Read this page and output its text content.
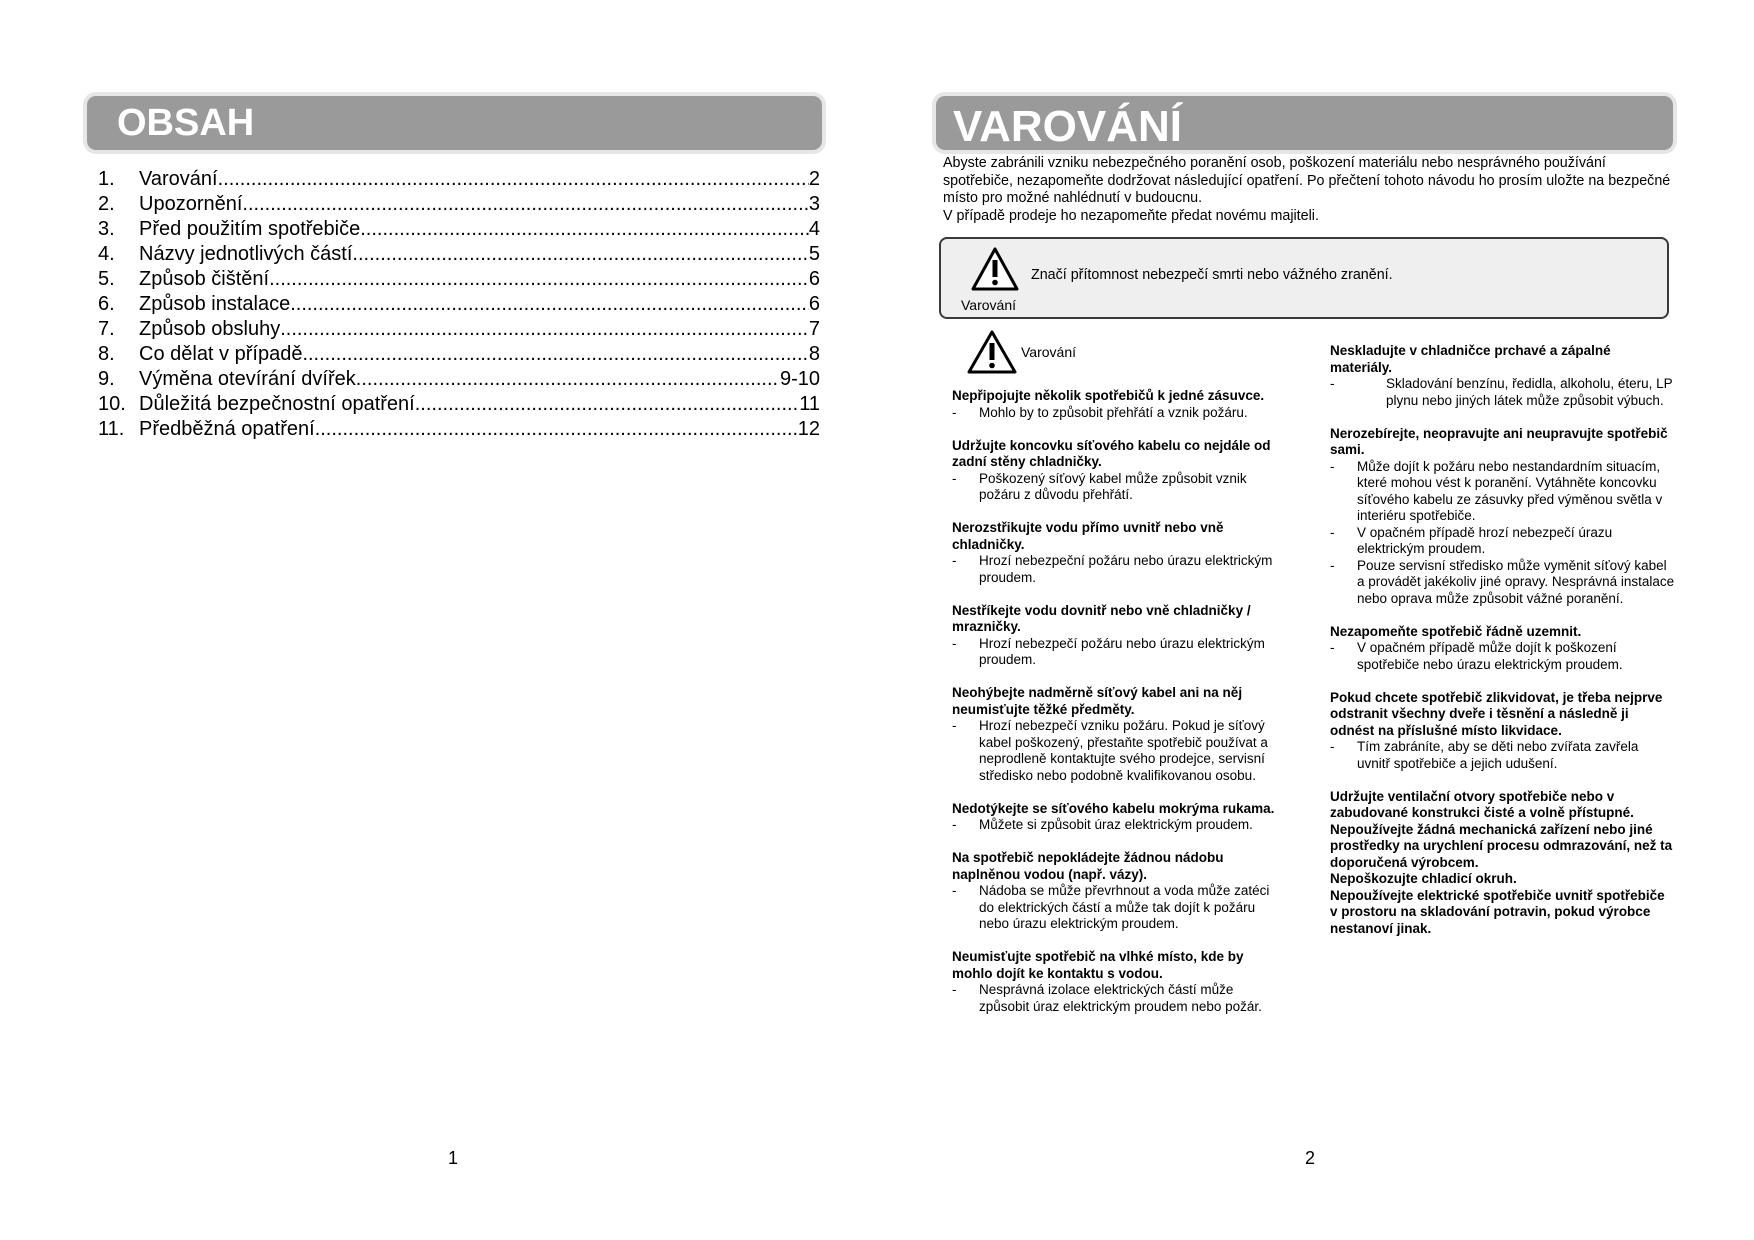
OBSAH
1.	Varování .....	2
2.	Upozornění .....	3
3.	Před použitím spotřebiče .....	4
4.	Názvy jednotlivých částí .....	5
5.	Způsob čištění .....	6
6.	Způsob instalace .....	6
7.	Způsob obsluhy .....	7
8.	Co dělat v případě .....	8
9.	Výměna otevírání dvířek .....	9-10
10. Důležitá bezpečnostní opatření .....	11
11. Předběžná opatření .....	12
1
VAROVÁNÍ

Abyste zabránili vzniku nebezpečného poranění osob, poškození materiálu nebo nesprávného používání spotřebiče, nezapomeňte dodržovat následující opatření. Po přečtení tohoto návodu ho prosím uložte na bezpečné místo pro možné nahlédnutí v budoucnu.

V případě prodeje ho nezapomeňte předat novému majiteli.

Značí přítomnost nebezpečí smrti nebo vážného zranění.
Varování
Varování

Nepřipojujte několik spotřebičů k jedné zásuvce.

-	Mohlo by to způsobit přehřátí a vznik požáru.

Udržujte koncovku síťového kabelu co nejdále od zadní stěny chladničky.

-	Poškozený síťový kabel může způsobit vznik požáru z důvodu přehřátí.

Nerozstřikujte vodu přímo uvnitř nebo vně chladničky.

-	Hrozí nebezpeční požáru nebo úrazu elektrickým proudem.

Nestříkejte vodu dovnitř nebo vně chladničky / mrazničky.

-	Hrozí nebezpečí požáru nebo úrazu elektrickým proudem.

Neohýbejte nadměrně síťový kabel ani na něj neumisťujte těžké předměty.

-	Hrozí nebezpečí vzniku požáru. Pokud je síťový kabel poškozený, přestaňte spotřebič používat a neprodleně kontaktujte svého prodejce, servisní středisko nebo podobně kvalifikovanou osobu.

Nedotýkejte se síťového kabelu mokrýma rukama.

-	Můžete si způsobit úraz elektrickým proudem.

Na spotřebič nepokládejte žádnou nádobu naplněnou vodou (např. vázy).

-	Nádoba se může převrhnout a voda může zatéci do elektrických částí a může tak dojít k požáru nebo úrazu elektrickým proudem.

Neumisťujte spotřebič na vlhké místo, kde by mohlo dojít ke kontaktu s vodou.

-	Nesprávná izolace elektrických částí může způsobit úraz elektrickým proudem nebo požár.

Neskladujte v chladničce prchavé a zápalné materiály.

-	Skladování benzínu, ředidla, alkoholu, éteru, LP plynu nebo jiných látek může způsobit výbuch.

Nerozebírejte, neopravujte ani neupravujte spotřebič sami.

-	Může dojít k požáru nebo nestandardním situacím, které mohou vést k poranění. Vytáhněte koncovku síťového kabelu ze zásuvky před výměnou světla v interiéru spotřebiče.
-	V opačném případě hrozí nebezpečí úrazu elektrickým proudem.
-	Pouze servisní středisko může vyměnit síťový kabel a provádět jakékoliv jiné opravy. Nesprávná instalace nebo oprava může způsobit vážné poranění.

Nezapomeňte spotřebič řádně uzemnit.

-	V opačném případě může dojít k poškození spotřebiče nebo úrazu elektrickým proudem.

Pokud chcete spotřebič zlikvidovat, je třeba nejprve odstranit všechny dveře i těsnění a následně ji odnést na příslušné místo likvidace.

-	Tím zabráníte, aby se děti nebo zvířata zavřela uvnitř spotřebiče a jejich udušení.

Udržujte ventilační otvory spotřebiče nebo v zabudované konstrukci čisté a volně přístupné.

Nepoužívejte žádná mechanická zařízení nebo jiné prostředky na urychlení procesu odmrazování, než ta doporučená výrobcem.

Nepoškozujte chladicí okruh.

Nepoužívejte elektrické spotřebiče uvnitř spotřebiče v prostoru na skladování potravin, pokud výrobce nestanoví jinak.

2
